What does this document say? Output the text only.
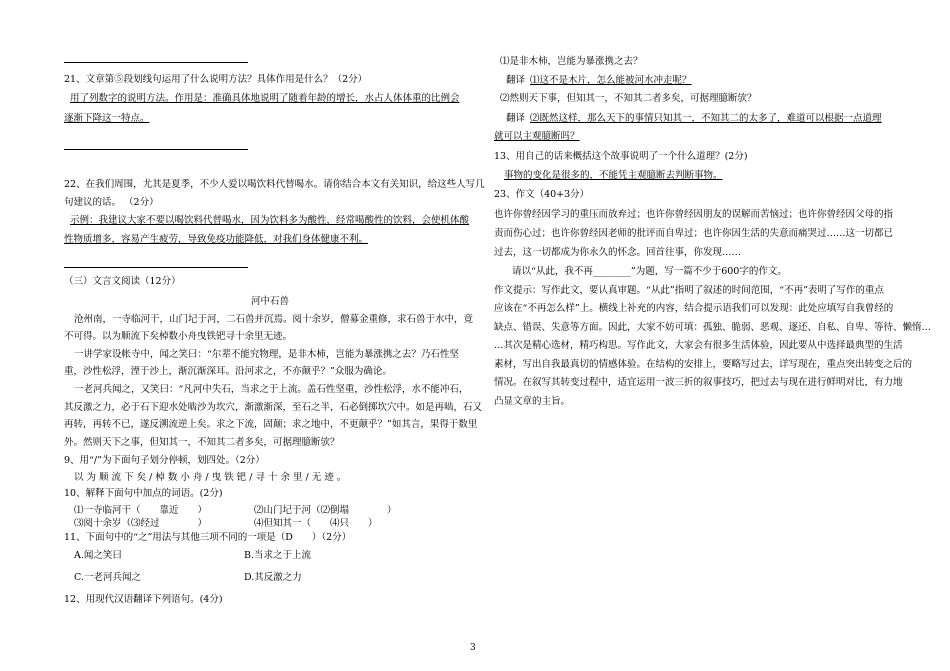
21、文章第⑤段划线句运用了什么说明方法？具体作用是什么？（2分）
用了列数字的说明方法。作用是：准确具体地说明了随着年龄的增长，水占人体体重的比例会
逐渐下降这一特点。
22、在我们周围，尤其是夏季，不少人爱以喝饮料代替喝水。请你结合本文有关知识，给这些人写几
句建议的话。 （2分）
示例：我建议大家不要以喝饮料代替喝水，因为饮料多为酸性，经常喝酸性的饮料，会使机体酸
性物质增多，容易产生疲劳，导致免疫功能降低，对我们身体健康不利。
（三）文言文阅读（12分）
河中石兽
沧州南，一寺临河干，山门圮于河，二石兽并沉焉。阅十余岁，僧募金重修，求石兽于水中，竟
不可得。以为顺流下矣棹数小舟曳铁钯寻十余里无迹。
一讲学家设帐寺中，闻之笑曰：“尔辈不能究物理，是非木柿，岂能为暴涨携之去？乃石性坚
重，沙性松浮，湮于沙上，渐沉渐深耳。沿河求之，不亦颠乎？”众服为确论。
一老河兵闻之，又笑曰：“凡河中失石，当求之于上流。盖石性坚重，沙性松浮，水不能冲石，
其反激之力，必于石下迎水处啮沙为坎穴，渐激渐深，至石之半，石必倒掷坎穴中。如是再啮，石又
再转，再转不已，遂反溯流逆上矣。求之下流，固颠；求之地中，不更颠乎？”如其言，果得于数里
外。然则天下之事，但知其一，不知其二者多矣，可据理臆断欤？
9、用“/”为下面句子划分停顿，划四处。（2分）
以 为 顺 流 下 矣 / 棹 数 小 舟 / 曳 铁 钯 / 寻 十 余 里 / 无 迹 。
10、解释下面句中加点的词语。(2分)
⑴一寺临河干（　　靠近　　）	⑵山门圮于河（⑵倒塌　　　　）
⑶阅十余岁（⑶经过　　　　）	⑷但知其一（　　⑷只　　）
11、下面句中的“之”用法与其他三项不同的一项是（D　　）（2分）
A.闻之笑曰	B.当求之于上流
C.一老河兵闻之	D.其反激之力
12、用现代汉语翻译下列语句。(4分)
⑴是非木柿，岂能为暴涨携之去？
翻译 ⑴这不是木片，怎么能被河水冲走呢？
⑵然则天下事，但知其一，不知其二者多矣，可据理臆断欤？
翻译 ⑵既然这样，那么天下的事情只知其一，不知其二的太多了，难道可以根据一点道理
就可以主观臆断吗？
13、用自己的话来概括这个故事说明了一个什么道理？(2分)
事物的变化是很多的，不能凭主观臆断去判断事物。
23、作文（40+3分）
也许你曾经因学习的重压而放弃过；也许你曾经因朋友的误解而苦恼过；也许你曾经因父母的指
责而伤心过；也许你曾经因老师的批评而自卑过；也许你因生活的失意而痛哭过……这一切都已
过去，这一切都成为你永久的怀念。回首往事，你发现……
请以“从此，我不再________”为题，写一篇不少于600字的作文。
作文提示：写作此文，要认真审题。“从此”指明了叙述的时间范围，“不再”表明了写作的重点
应该在“不再怎么样”上。横线上补充的内容，结合提示语我们可以发现：此处应填写自我曾经的
缺点、错误、失意等方面。因此，大家不妨可填：孤独、脆弱、恶观、逐还、自私、自卑、等待、懒惰…
…其次是精心选材，精巧构思。写作此文，大家会有很多生活体验，因此要从中选择最典型的生活
素材，写出自我最真切的情感体验。在结构的安排上，要略写过去，详写现在，重点突出转变之后的
情况。在叙写其转变过程中，适宜运用一波三折的叙事技巧，把过去与现在进行鲜明对比，有力地
凸显文章的主旨。
3
